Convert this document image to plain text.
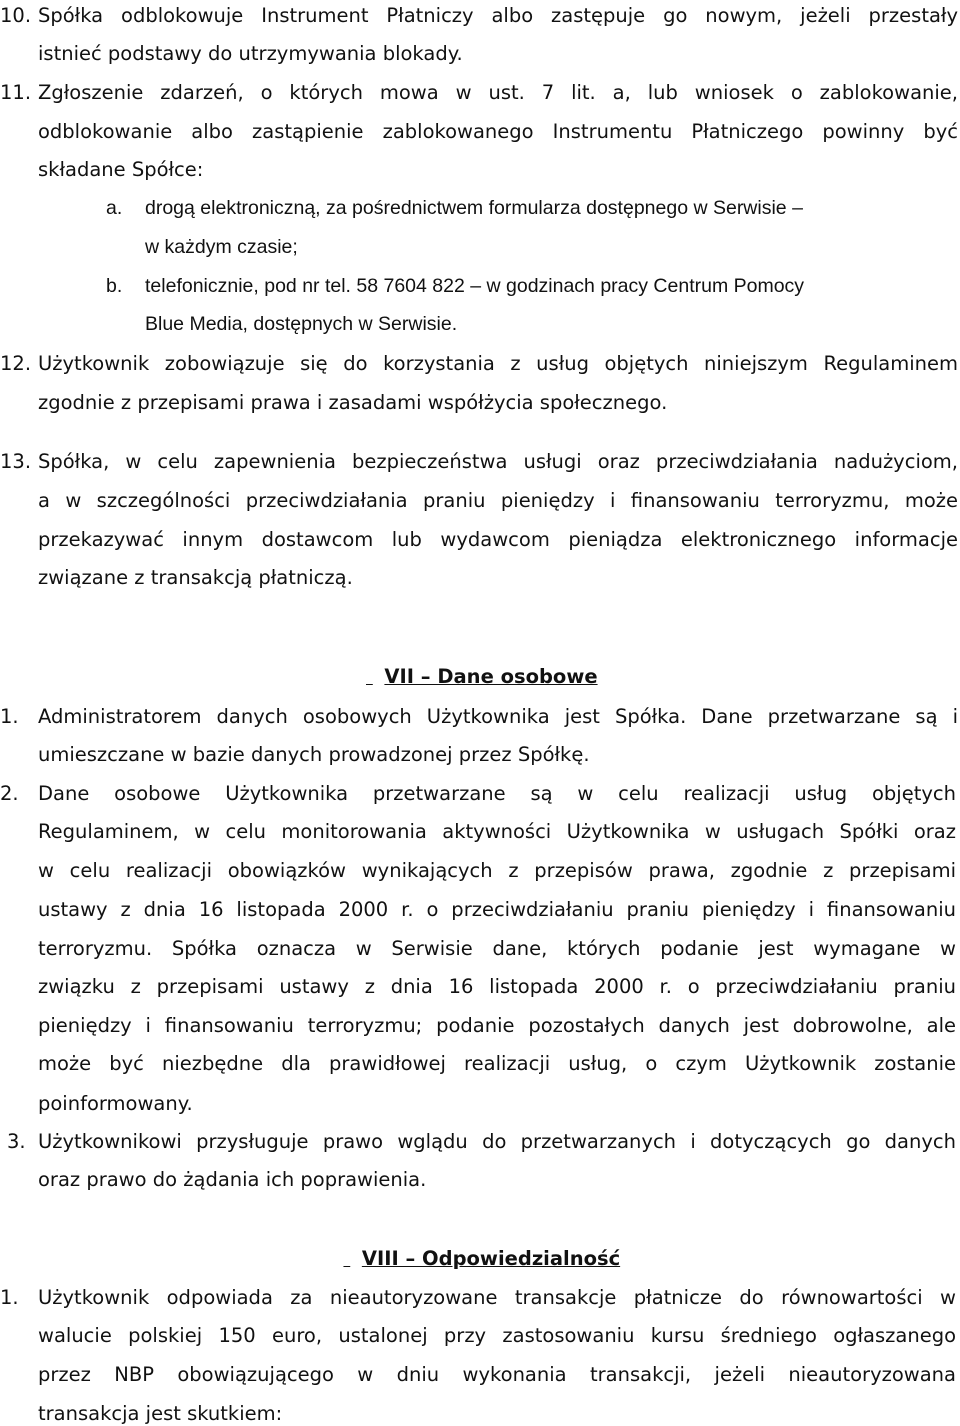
10. Spółka odblokowuje Instrument Płatniczy albo zastępuje go nowym, jeżeli przestały
istnieć podstawy do utrzymywania blokady.
11. Zgłoszenie zdarzeń, o których mowa w ust. 7 lit. a, lub wniosek o zablokowanie,
odblokowanie albo zastąpienie zablokowanego Instrumentu Płatniczego powinny być
składane Spółce:
a. drogą elektroniczną, za pośrednictwem formularza dostępnego w Serwisie –
w każdym czasie;
b. telefonicznie, pod nr tel. 58 7604 822 – w godzinach pracy Centrum Pomocy
Blue Media, dostępnych w Serwisie.
12. Użytkownik zobowiązuje się do korzystania z usług objętych niniejszym Regulaminem
zgodnie z przepisami prawa i zasadami współżycia społecznego.
13. Spółka, w celu zapewnienia bezpieczeństwa usługi oraz przeciwdziałania nadużyciom,
a w szczególności przeciwdziałania praniu pieniędzy i finansowaniu terroryzmu, może
przekazywać innym dostawcom lub wydawcom pieniądza elektronicznego informacje
związane z transakcją płatniczą.
VII – Dane osobowe
1. Administratorem danych osobowych Użytkownika jest Spółka. Dane przetwarzane są i
umieszczane w bazie danych prowadzonej przez Spółkę.
2. Dane osobowe Użytkownika przetwarzane są w celu realizacji usług objętych
Regulaminem, w celu monitorowania aktywności Użytkownika w usługach Spółki oraz
w celu realizacji obowiązków wynikających z przepisów prawa, zgodnie z przepisami
ustawy z dnia 16 listopada 2000 r. o przeciwdziałaniu praniu pieniędzy i finansowaniu
terroryzmu. Spółka oznacza w Serwisie dane, których podanie jest wymagane w
związku z przepisami ustawy z dnia 16 listopada 2000 r. o przeciwdziałaniu praniu
pieniędzy i finansowaniu terroryzmu; podanie pozostałych danych jest dobrowolne, ale
może być niezbędne dla prawidłowej realizacji usług, o czym Użytkownik zostanie
poinformowany.
3. Użytkownikowi przysługuje prawo wglądu do przetwarzanych i dotyczących go danych
oraz prawo do żądania ich poprawienia.
VIII – Odpowiedzialność
1. Użytkownik odpowiada za nieautoryzowane transakcje płatnicze do równowartości w
walucie polskiej 150 euro, ustalonej przy zastosowaniu kursu średniego ogłaszanego
przez NBP obowiązującego w dniu wykonania transakcji, jeżeli nieautoryzowana
transakcja jest skutkiem:
